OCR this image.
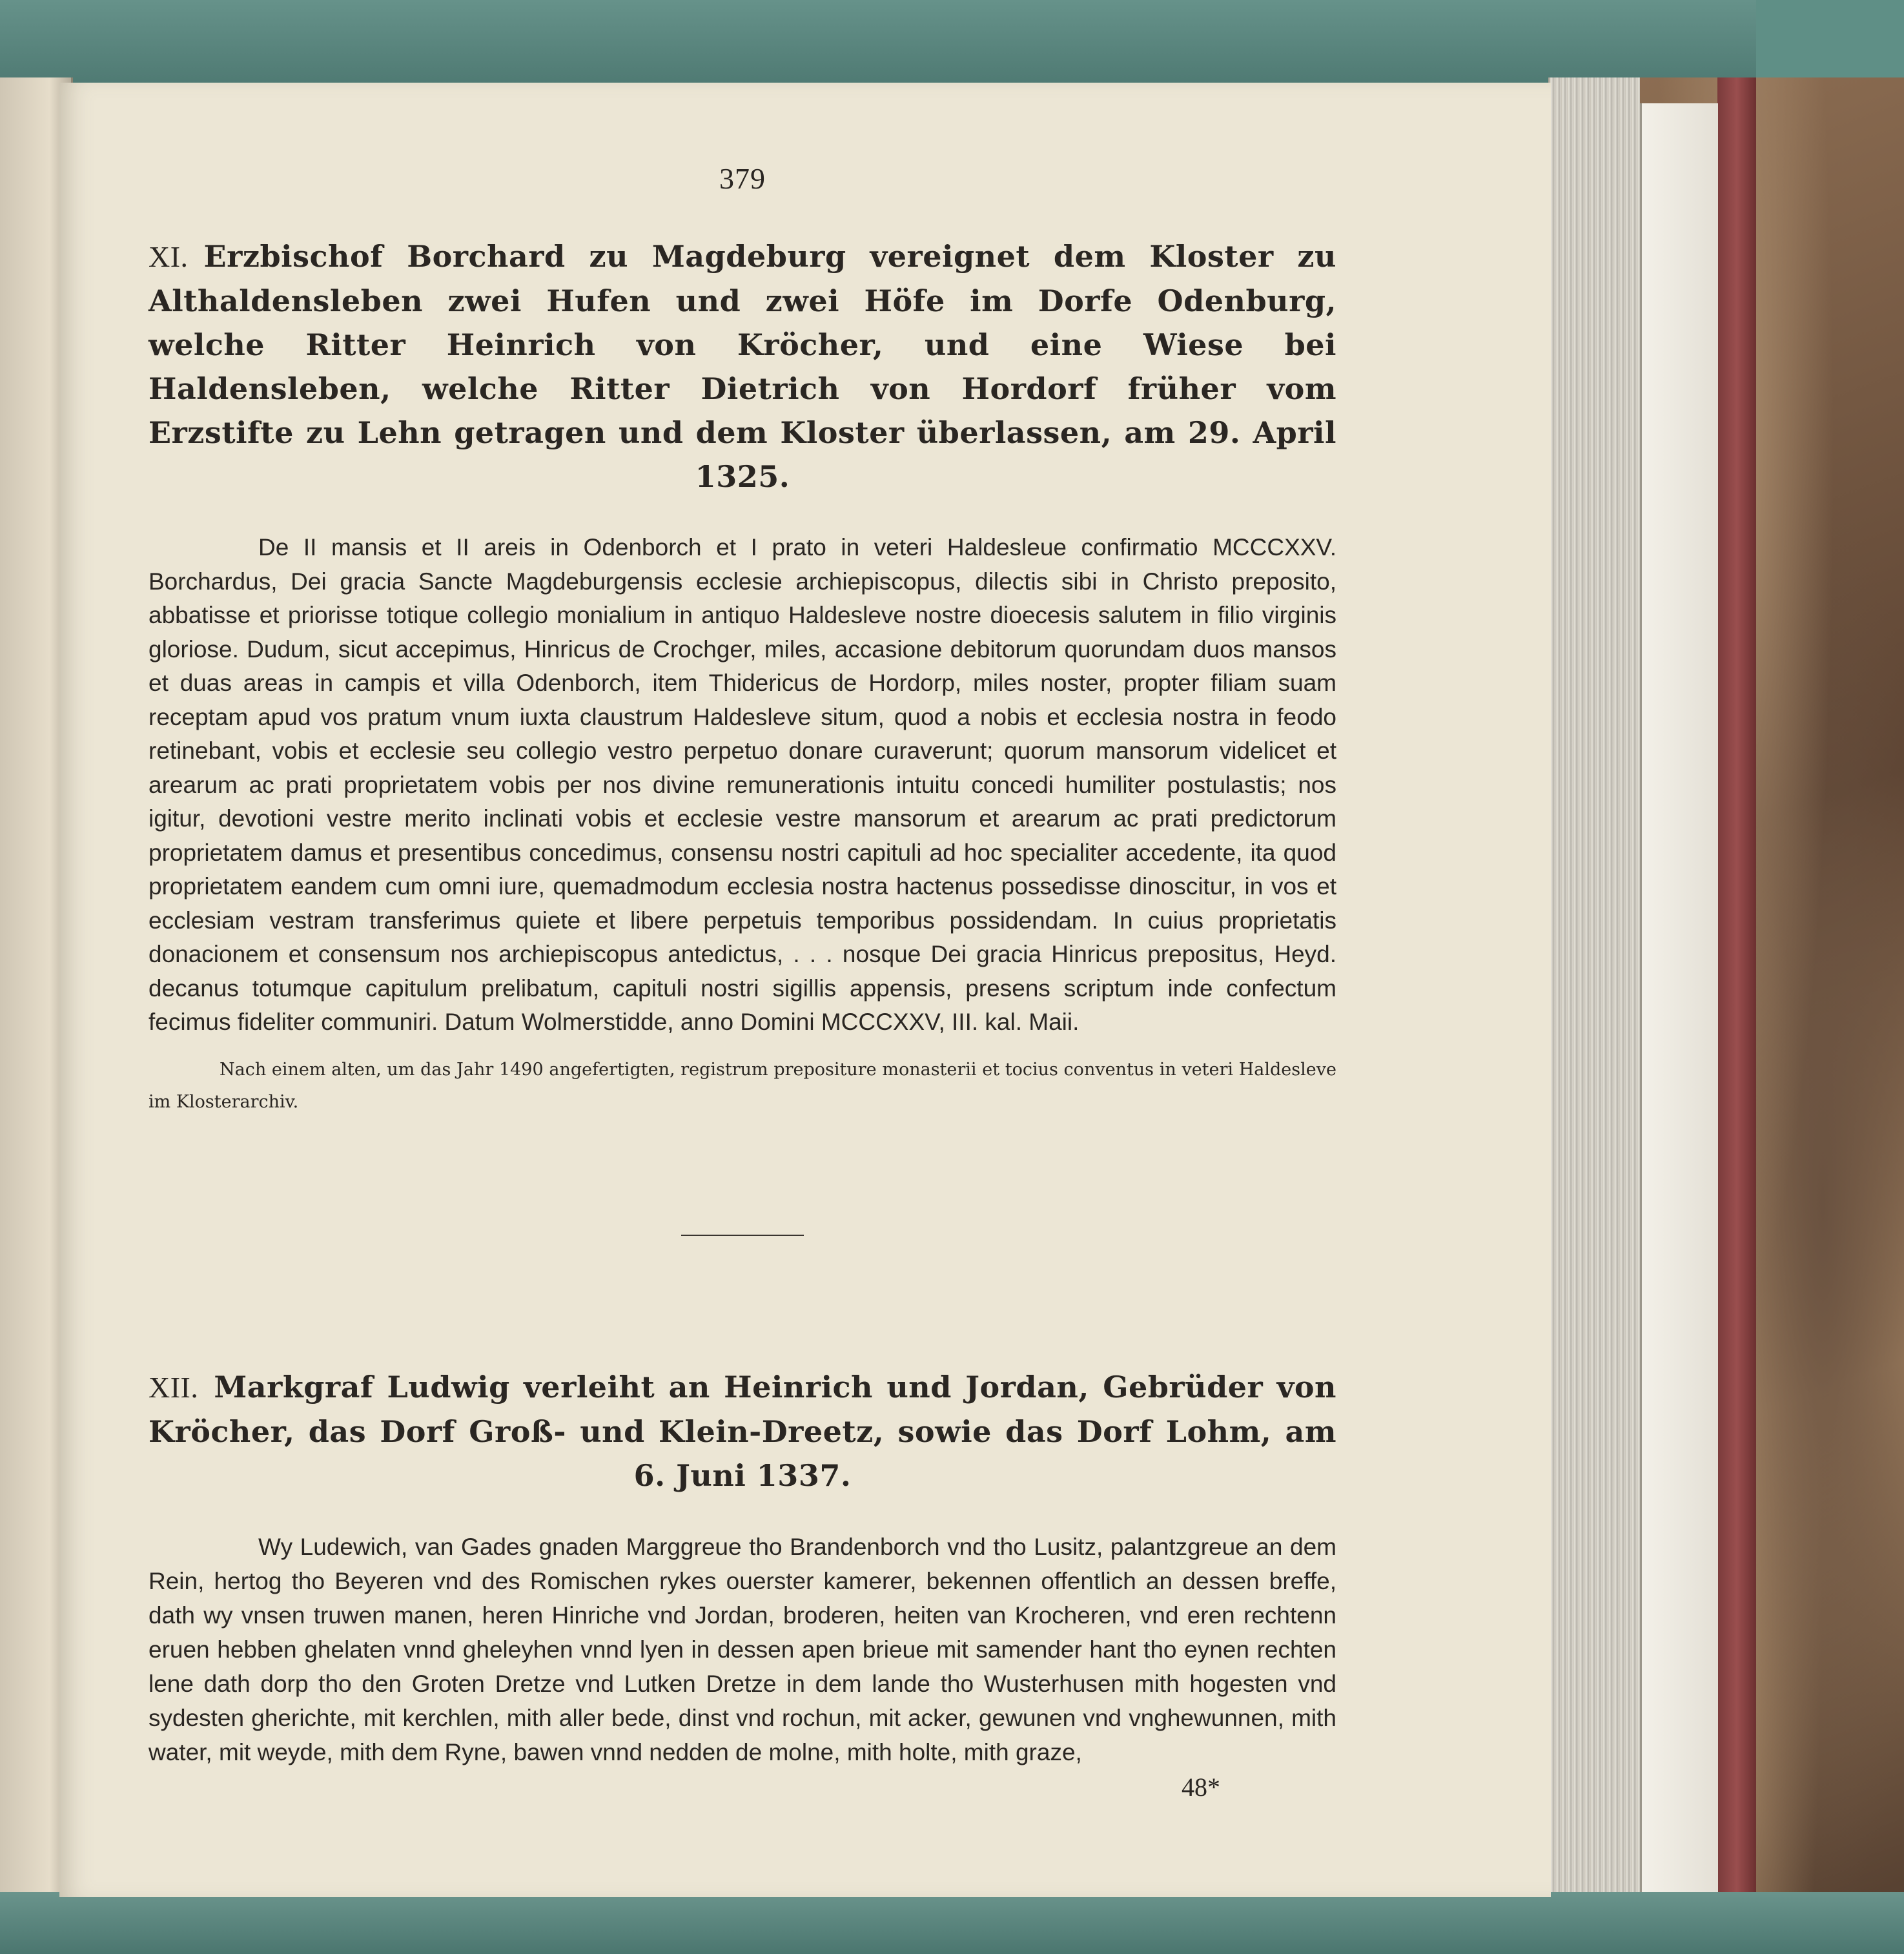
379

XI. Erzbischof Borchard zu Magdeburg vereignet dem Kloster zu Althaldensleben zwei Hufen und zwei Höfe im Dorfe Odenburg, welche Ritter Heinrich von Kröcher, und eine Wiese bei Haldensleben, welche Ritter Dietrich von Hordorf früher vom Erzstifte zu Lehn getragen und dem Kloster überlassen, am 29. April 1325.

De II mansis et II areis in Odenborch et I prato in veteri Haldesleue confirmatio MCCCXXV. Borchardus, Dei gracia Sancte Magdeburgensis ecclesie archiepiscopus, dilectis sibi in Christo preposito, abbatisse et priorisse totique collegio monialium in antiquo Haldesleve nostre dioecesis salutem in filio virginis gloriose. Dudum, sicut accepimus, Hinricus de Crochger, miles, accasione debitorum quorundam duos mansos et duas areas in campis et villa Odenborch, item Thidericus de Hordorp, miles noster, propter filiam suam receptam apud vos pratum vnum iuxta claustrum Haldesleve situm, quod a nobis et ecclesia nostra in feodo retinebant, vobis et ecclesie seu collegio vestro perpetuo donare curaverunt; quorum mansorum videlicet et arearum ac prati proprietatem vobis per nos divine remunerationis intuitu concedi humiliter postulastis; nos igitur, devotioni vestre merito inclinati vobis et ecclesie vestre mansorum et arearum ac prati predictorum proprietatem damus et presentibus concedimus, consensu nostri capituli ad hoc specialiter accedente, ita quod proprietatem eandem cum omni iure, quemadmodum ecclesia nostra hactenus possedisse dinoscitur, in vos et ecclesiam vestram transferimus quiete et libere perpetuis temporibus possidendam. In cuius proprietatis donacionem et consensum nos archiepiscopus antedictus, . . . nosque Dei gracia Hinricus prepositus, Heyd. decanus totumque capitulum prelibatum, capituli nostri sigillis appensis, presens scriptum inde confectum fecimus fideliter communiri. Datum Wolmerstidde, anno Domini MCCCXXV, III. kal. Maii.

Nach einem alten, um das Jahr 1490 angefertigten, registrum prepositure monasterii et tocius conventus in veteri Haldesleve im Klosterarchiv.

XII. Markgraf Ludwig verleiht an Heinrich und Jordan, Gebrüder von Kröcher, das Dorf Groß- und Klein-Dreetz, sowie das Dorf Lohm, am 6. Juni 1337.

Wy Ludewich, van Gades gnaden Marggreue tho Brandenborch vnd tho Lusitz, palantzgreue an dem Rein, hertog tho Beyeren vnd des Romischen rykes ouerster kamerer, bekennen offentlich an dessen breffe, dath wy vnsen truwen manen, heren Hinriche vnd Jordan, broderen, heiten van Krocheren, vnd eren rechtenn eruen hebben ghelaten vnnd gheleyhen vnnd lyen in dessen apen brieue mit samender hant tho eynen rechten lene dath dorp tho den Groten Dretze vnd Lutken Dretze in dem lande tho Wusterhusen mith hogesten vnd sydesten gherichte, mit kerchlen, mith aller bede, dinst vnd rochun, mit acker, gewunen vnd vnghewunnen, mith water, mit weyde, mith dem Ryne, bawen vnnd nedden de molne, mith holte, mith graze,

48*
